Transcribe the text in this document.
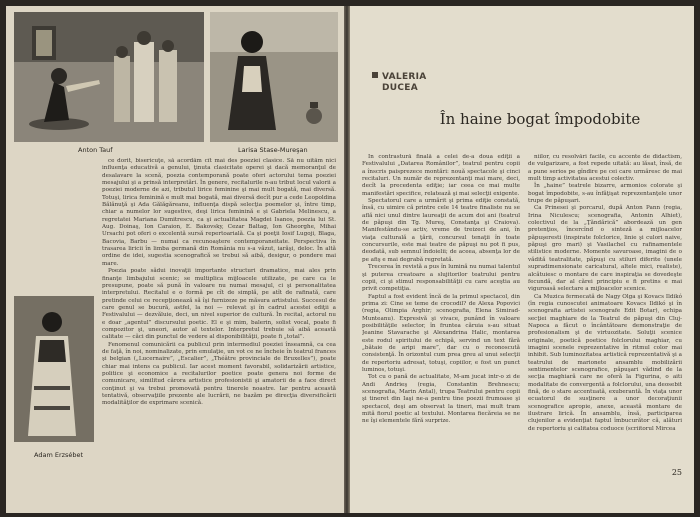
Anton Tauf	Larisa Stase-Mureşan
Adam Erzsébet

ce dorit, bisericuţe, să acordăm cît mai des poeziei clasice. Să nu uităm nici influenţa educativă a genului, ţinuta clasicitate operei şi dacă memoranţul de desalavare la scenă, poezia contemporană poate oferi actorului tema poeziei mesajului şi a prinsă interpretări. În genere, recitalurile n-au tribut locul valorii a poeziei moderne de azi, tributul lirice feminine şi mai mult bogată, mai diversă. Totuşi, lirica feminină e mult mai bogată, mai diversă decît pur a cede Leopoldina Bălănuţă şi Ada Gălăgăreanu, influenţa dispă selecţia poemelor şi, între timp, chiar a numelor lor sugestive, deşi lirica feminină e și Gabriela Melinescu, a regretatei Mariana Dumitrescu, ca şi actualitatea Magdei Isanos, poezia lui St. Aug. Doinaş, Ion Caraion, E. Bakovsky, Cezar Baltag, Ion Gheorghe, Mihai Ursachi pot oferi o excelentă sursă repertoarială. Ca şi poeţii Iosif Lugoji, Blaga, Bacovia, Barbu — numai ca recunoaştere contemporaneitate. Perspectiva în trasarea liricii în limba germană din România nu s-a văzut, iarăşi, deloc. În altă ordine de idei, sugestia scenografică se trebui să aibă, desigur, o pondere mai mare.

Poezia poate sădui inovaţii importante structuri dramatice, mai ales prin finanţe limbajului scenic; se multiplica mijloacele utilizate, pe care ca le presupune, poate să pună în valoare nu numai mesajul, ci şi personalitatea interpretului. Recitalul e o formă pe cît de simplă, pe atît de rafinată, care pretinde celui ce recepţionează să îşi furnizeze pe măsura artistului. Succesul de care genul se bucură, astfel, la noi — relevat şi în cadrul acestei ediţii a Festivalului — dezvăluie, deci, un nivel superior de cultură. În recital, actorul nu e doar „agentul” discursului poetic. El e şi mim, balerin, solist vocal, poate fi compozitor şi, uneori, autor al textelor. Interpretul trebuie să aibă această calitate — căci din punctul de vedere al disponibilităţii, poate fi „total”.

Fenomenul comunicării ca publicul prin intermediul poeziei înseamnă, ca cea de faţă, în noi, nominalizate, prin emulaţie, un vot ce ne încheie în teatrul frances şi belgian („Lucernaire”, „Escalier”, „Théâtre provinciale de Bruxelles”), poate chiar mai intens ca publicul. Iar acest moment favorabil, solidarizării artistice, politice şi economice a recitalurilor poetice poate genera noi forme de comunicare, similitud cărora artistice profesionistii şi amatorii de a face direct conţinut şi va trebui promovată pentru tinerele noastre. Iar pentru această tentativă, observaţiile prezente ale lucrării, ne bazăm pe direcţia diversificării modalităţilor de exprimare scenică.

VALERIA
DUCEA
În haine bogat împodobite

În contrastură finală a celei de-a doua ediţii a Festivalului „Datarea Românilor”, teatrul pentru copii a înscris paisprezece montări: nouă spectacole şi cinci recitaluri. Un număr de reprezentanţi mai mare, deci, decît la precedenta ediţie; iar ceea ce mai multe manifestări specifice, relatează şi mai selecţii exigente.

Spectatorul care a urmărit şi prima ediţie constată, însă, cu uimire că printre cele 14 teatre finaliste nu se află nici unul dintre laureaţii de acum doi ani (teatrul de păpuşi din Tg. Mureş, Constanţa şi Craiova). Manifestându-se activ, vreme de treizeci de ani, în viaţa culturală a ţării, concursul tenaţii în toate concursurile, este mai teatre de păpuşi nu pot fi pus, deodată, sub semnul îndoielii; de aceea, absenţa lor de pe afiş e mai degrabă regretată.

Trecerea în revistă a pus în lumină nu numai talentul şi puterea creatoare a slujitorilor teatrului pentru copii, ci şi stimul responsabilităţii cu care aceştia au privit competiţia.

Faptul a fost evident încă de la primul spectacol, din prima zi: Cine se teme de crocodil? de Alexa Popovici (regia, Olimpia Arghir; scenografia, Elena Simirad-Munteanu). Expresivă şi vivace, punând în valoare posibilităţile selector, în fruntea căruia s-au situat Jeanine Stavarache şi Alexandrina Halic, montarea este rodul spiritului de echipă, servind un text fără „bătaie de aripi mare”, dar cu o reconoscută consistenţă. În orizontul cum prea greu al unui selecţii de repertoriu adresat, totuşi, copiilor, e fost un punct luminos, totuşi.

Tot cu o pană de actualitate, M-am jucat intr-o zi de Andi Andrieş (regia, Constantin Brehnescu; scenografia, Marin Antal), trupa Teatrului pentru copii şi tineret din Iaşi ne-a pentru tine poezii frumoase şi spectacol, deşi am observat la tineri, mai mult tram mită fiorul poetic al textului. Montarea fiecăreia se ne ne îşi elementele fără surprize.

niilor, cu resolvări facile, cu accente de didactism, de vulgarizare, a fost repede uitată: au lăsat, însă, de a pune serios pe gîndire pe cei care urmăresc de mai mult timp activitatea acestui colectiv.

În „haine” teatrele bizarre, armonios colorate şi bogat împodobite, s-au înfăţişat reprezentanţele unor trupe de păpuşari.

Ca Prinesei şi porcarul, după Anton Pann (regia, Irina Niculescu; scenografia, Antonin Alhiet), colectivul de la „Ţăndărică” abordează un gen pretenţios, încercînd o sinteză a mijloacelor păpuşeresti (inspirate folclorice, linie şi culori naive, păpuşi gro mari) şi Vasilachel cu rafinamentele stilistice moderne. Momente savuroase, imagini de o vădită teatralitate, păpuşi cu stiluri diferite (unele supradimensionate caricatural, altele mici, realiste), alcătuiesc o montare de care inspiraţia se dovedeşte fecundă, dar al cărei principiu e fi pretins e mai viguroasă selectare a mijloacelor scenice.

Ca Muzica fermecată de Nagy Olga şi Kovacs Ildikó (în regia cunoscutei animatoare Kovacs Ildikó şi în scenografia artistei scenografe Edit Botar), echipa secţiei maghiare de la Teatrul de păpuşi din Cluj-Napoca a făcut o încântătoare demonstraţie de profesionalism şi de virtuozitate. Soluţii scenice originale, poetică poetice folclorului maghiar, cu imagini scenele reprezentative în ritmul color mai inhibit. Sub luminozitatea artistică reprezentativă şi a teatrului de marionete ansamblu mobilizării sentimentelor scenografice, păpuşari vădind de la secţia maghiară care ne oferă la Figurina, o aiti modalitate de convergentă a folclorului, una deosebit fină, de o stare accentuată, exuberantă. În viaţa unor ecuatorul de susţinere a unor decoraţiunii scenografice apropie, anexe, această montare de ilustrare lirică. În ansamblu, însă, participarea clujenilor a evidenţiat faptul îmbucurător că, alături de repertoriu şi calitatea coduoce (scriitorul Mircea

25
